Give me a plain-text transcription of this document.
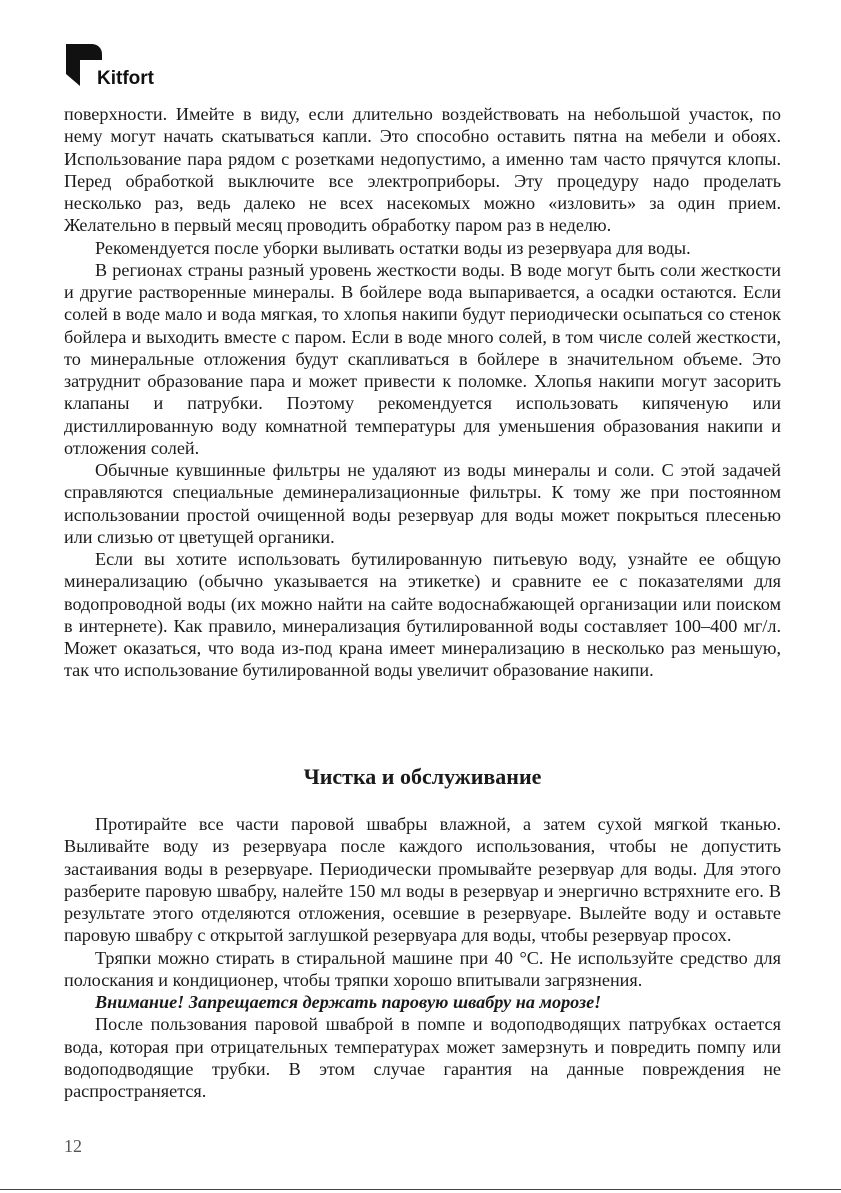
Kitfort

поверхности. Имейте в виду, если длительно воздействовать на небольшой участок, по нему могут начать скатываться капли. Это способно оставить пятна на мебели и обоях. Использование пара рядом с розетками недопустимо, а именно там часто прячутся клопы. Перед обработкой выключите все электроприборы. Эту процедуру надо проделать несколько раз, ведь далеко не всех насекомых можно «изловить» за один прием. Желательно в первый месяц проводить обработку паром раз в неделю.

Рекомендуется после уборки выливать остатки воды из резервуара для воды.

В регионах страны разный уровень жесткости воды. В воде могут быть соли жесткости и другие растворенные минералы. В бойлере вода выпаривается, а осадки остаются. Если солей в воде мало и вода мягкая, то хлопья накипи будут периодически осыпаться со стенок бойлера и выходить вместе с паром. Если в воде много солей, в том числе солей жесткости, то минеральные отложения будут скапливаться в бойлере в значительном объеме. Это затруднит образование пара и может привести к поломке. Хлопья накипи могут засорить клапаны и патрубки. Поэтому рекомендуется использовать кипяченую или дистиллированную воду комнатной температуры для уменьшения образования накипи и отложения солей.

Обычные кувшинные фильтры не удаляют из воды минералы и соли. С этой задачей справляются специальные деминерализационные фильтры. К тому же при постоянном использовании простой очищенной воды резервуар для воды может покрыться плесенью или слизью от цветущей органики.

Если вы хотите использовать бутилированную питьевую воду, узнайте ее общую минерализацию (обычно указывается на этикетке) и сравните ее с показателями для водопроводной воды (их можно найти на сайте водоснабжающей организации или поиском в интернете). Как правило, минерализация бутилированной воды составляет 100–400 мг/л. Может оказаться, что вода из-под крана имеет минерализацию в несколько раз меньшую, так что использование бутилированной воды увеличит образование накипи.

Чистка и обслуживание

Протирайте все части паровой швабры влажной, а затем сухой мягкой тканью. Выливайте воду из резервуара после каждого использования, чтобы не допустить застаивания воды в резервуаре. Периодически промывайте резервуар для воды. Для этого разберите паровую швабру, налейте 150 мл воды в резервуар и энергично встряхните его. В результате этого отделяются отложения, осевшие в резервуаре. Вылейте воду и оставьте паровую швабру с открытой заглушкой резервуара для воды, чтобы резервуар просох.

Тряпки можно стирать в стиральной машине при 40 °С. Не используйте средство для полоскания и кондиционер, чтобы тряпки хорошо впитывали загрязнения.

Внимание! Запрещается держать паровую швабру на морозе!

После пользования паровой шваброй в помпе и водоподводящих патрубках остается вода, которая при отрицательных температурах может замерзнуть и повредить помпу или водоподводящие трубки. В этом случае гарантия на данные повреждения не распространяется.

12
